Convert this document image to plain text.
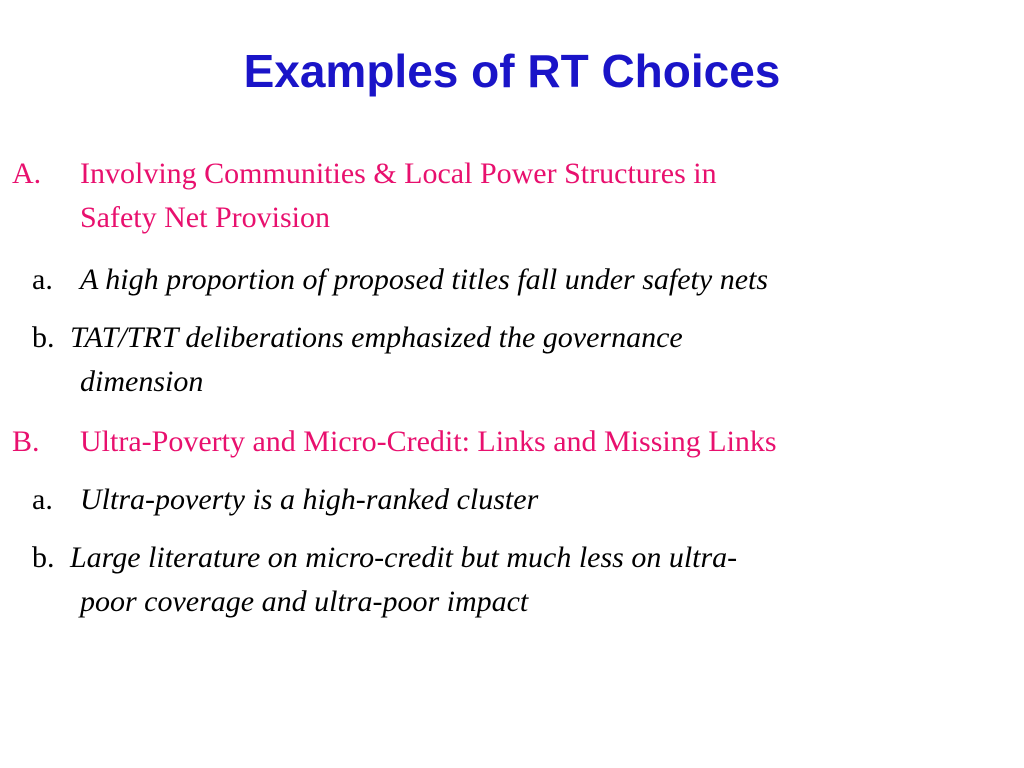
Examples of RT Choices
A. Involving Communities & Local Power Structures in
Safety Net Provision
a. A high proportion of proposed titles fall under safety nets
b. TAT/TRT deliberations emphasized the governance
dimension
B. Ultra-Poverty and Micro-Credit: Links and Missing Links
a. Ultra-poverty is a high-ranked cluster
b. Large literature on micro-credit but much less on ultra-
poor coverage and ultra-poor impact
